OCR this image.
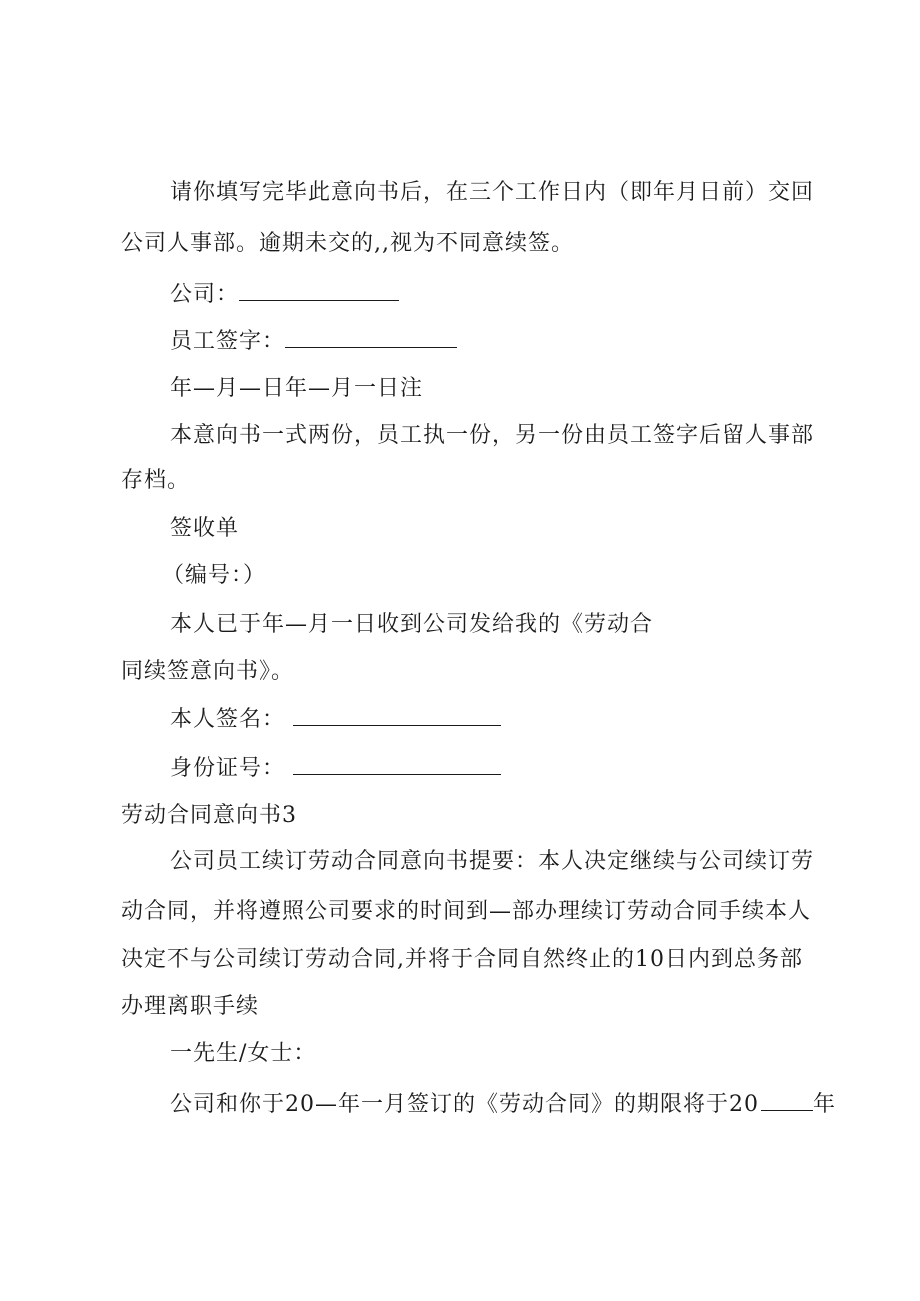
请你填写完毕此意向书后，在三个工作日内（即年月日前）交回
公司人事部。逾期未交的,,视为不同意续签。
公司：
员工签字：
年—月—日年—月一日注
本意向书一式两份，员工执一份，另一份由员工签字后留人事部
存档。
签收单
（编号：）
本人已于年—月一日收到公司发给我的《劳动合
同续签意向书》。
本人签名：
身份证号：
劳动合同意向书3
公司员工续订劳动合同意向书提要：本人决定继续与公司续订劳
动合同，并将遵照公司要求的时间到—部办理续订劳动合同手续本人
决定不与公司续订劳动合同,并将于合同自然终止的10日内到总务部
办理离职手续
一先生/女士：
公司和你于20—年一月签订的《劳动合同》的期限将于20 年
